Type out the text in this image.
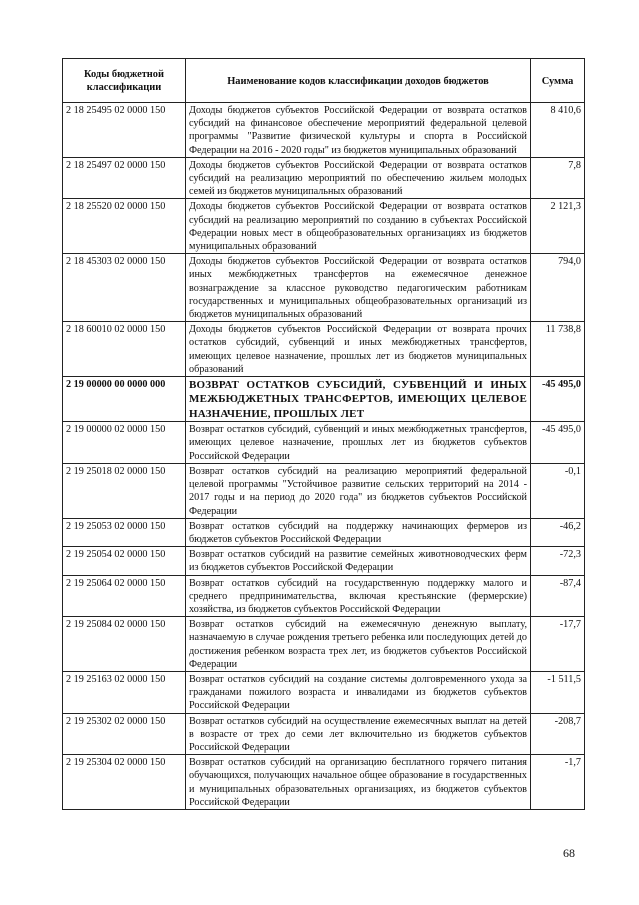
Коды бюджетной классификации	Наименование кодов классификации доходов бюджетов	Сумма
2 18 25495 02 0000 150	Доходы бюджетов субъектов Российской Федерации от возврата остатков субсидий на финансовое обеспечение мероприятий федеральной целевой программы "Развитие физической культуры и спорта в Российской Федерации на 2016 - 2020 годы" из бюджетов муниципальных образований	8 410,6
2 18 25497 02 0000 150	Доходы бюджетов субъектов Российской Федерации от возврата остатков субсидий на реализацию мероприятий по обеспечению жильем молодых семей из бюджетов муниципальных образований	7,8
2 18 25520 02 0000 150	Доходы бюджетов субъектов Российской Федерации от возврата остатков субсидий на реализацию мероприятий по созданию в субъектах Российской Федерации новых мест в общеобразовательных организациях из бюджетов муниципальных образований	2 121,3
2 18 45303 02 0000 150	Доходы бюджетов субъектов Российской Федерации от возврата остатков иных межбюджетных трансфертов на ежемесячное денежное вознаграждение за классное руководство педагогическим работникам государственных и муниципальных общеобразовательных организаций из бюджетов муниципальных образований	794,0
2 18 60010 02 0000 150	Доходы бюджетов субъектов Российской Федерации от возврата прочих остатков субсидий, субвенций и иных межбюджетных трансфертов, имеющих целевое назначение, прошлых лет из бюджетов муниципальных образований	11 738,8
2 19 00000 00 0000 000	ВОЗВРАТ ОСТАТКОВ СУБСИДИЙ, СУБВЕНЦИЙ И ИНЫХ МЕЖБЮДЖЕТНЫХ ТРАНСФЕРТОВ, ИМЕЮЩИХ ЦЕЛЕВОЕ НАЗНАЧЕНИЕ, ПРОШЛЫХ ЛЕТ	-45 495,0
2 19 00000 02 0000 150	Возврат остатков субсидий, субвенций и иных межбюджетных трансфертов, имеющих целевое назначение, прошлых лет из бюджетов субъектов Российской Федерации	-45 495,0
2 19 25018 02 0000 150	Возврат остатков субсидий на реализацию мероприятий федеральной целевой программы "Устойчивое развитие сельских территорий на 2014 - 2017 годы и на период до 2020 года" из бюджетов субъектов Российской Федерации	-0,1
2 19 25053 02 0000 150	Возврат остатков субсидий на поддержку начинающих фермеров из бюджетов субъектов Российской Федерации	-46,2
2 19 25054 02 0000 150	Возврат остатков субсидий на развитие семейных животноводческих ферм из бюджетов субъектов Российской Федерации	-72,3
2 19 25064 02 0000 150	Возврат остатков субсидий на государственную поддержку малого и среднего предпринимательства, включая крестьянские (фермерские) хозяйства, из бюджетов субъектов Российской Федерации	-87,4
2 19 25084 02 0000 150	Возврат остатков субсидий на ежемесячную денежную выплату, назначаемую в случае рождения третьего ребенка или последующих детей до достижения ребенком возраста трех лет, из бюджетов субъектов Российской Федерации	-17,7
2 19 25163 02 0000 150	Возврат остатков субсидий на создание системы долговременного ухода за гражданами пожилого возраста и инвалидами из бюджетов субъектов Российской Федерации	-1 511,5
2 19 25302 02 0000 150	Возврат остатков субсидий на осуществление ежемесячных выплат на детей в возрасте от трех до семи лет включительно из бюджетов субъектов Российской Федерации	-208,7
2 19 25304 02 0000 150	Возврат остатков субсидий на организацию бесплатного горячего питания обучающихся, получающих начальное общее образование в государственных и муниципальных образовательных организациях, из бюджетов субъектов Российской Федерации	-1,7
68
